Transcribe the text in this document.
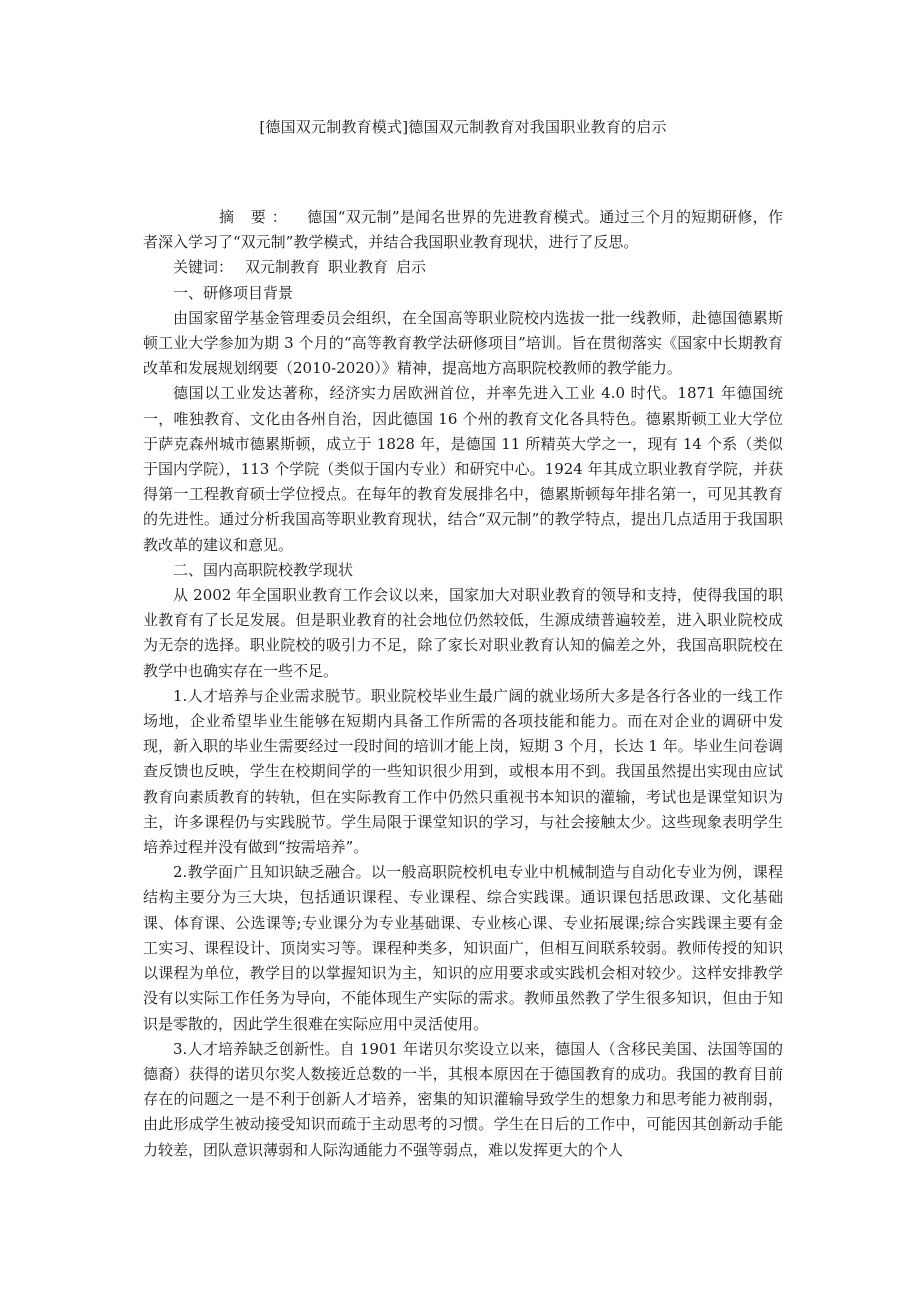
[德国双元制教育模式]德国双元制教育对我国职业教育的启示

摘 要： 德国“双元制”是闻名世界的先进教育模式。通过三个月的短期研修，作者深入学习了“双元制”教学模式，并结合我国职业教育现状，进行了反思。

关键词： 双元制教育 职业教育 启示

一、研修项目背景

由国家留学基金管理委员会组织，在全国高等职业院校内选拔一批一线教师，赴德国德累斯顿工业大学参加为期 3 个月的“高等教育教学法研修项目”培训。旨在贯彻落实《国家中长期教育改革和发展规划纲要（2010-2020）》精神，提高地方高职院校教师的教学能力。

德国以工业发达著称，经济实力居欧洲首位，并率先进入工业 4.0 时代。1871 年德国统一，唯独教育、文化由各州自治，因此德国 16 个州的教育文化各具特色。德累斯顿工业大学位于萨克森州城市德累斯顿，成立于 1828 年，是德国 11 所精英大学之一，现有 14 个系（类似于国内学院），113 个学院（类似于国内专业）和研究中心。1924 年其成立职业教育学院，并获得第一工程教育硕士学位授点。在每年的教育发展排名中，德累斯顿每年排名第一，可见其教育的先进性。通过分析我国高等职业教育现状，结合“双元制”的教学特点，提出几点适用于我国职教改革的建议和意见。

二、国内高职院校教学现状

从 2002 年全国职业教育工作会议以来，国家加大对职业教育的领导和支持，使得我国的职业教育有了长足发展。但是职业教育的社会地位仍然较低，生源成绩普遍较差，进入职业院校成为无奈的选择。职业院校的吸引力不足，除了家长对职业教育认知的偏差之外，我国高职院校在教学中也确实存在一些不足。

1.人才培养与企业需求脱节。职业院校毕业生最广阔的就业场所大多是各行各业的一线工作场地，企业希望毕业生能够在短期内具备工作所需的各项技能和能力。而在对企业的调研中发现，新入职的毕业生需要经过一段时间的培训才能上岗，短期 3 个月，长达 1 年。毕业生问卷调查反馈也反映，学生在校期间学的一些知识很少用到，或根本用不到。我国虽然提出实现由应试教育向素质教育的转轨，但在实际教育工作中仍然只重视书本知识的灌输，考试也是课堂知识为主，许多课程仍与实践脱节。学生局限于课堂知识的学习，与社会接触太少。这些现象表明学生培养过程并没有做到“按需培养”。

2.教学面广且知识缺乏融合。以一般高职院校机电专业中机械制造与自动化专业为例，课程结构主要分为三大块，包括通识课程、专业课程、综合实践课。通识课包括思政课、文化基础课、体育课、公选课等;专业课分为专业基础课、专业核心课、专业拓展课;综合实践课主要有金工实习、课程设计、顶岗实习等。课程种类多，知识面广，但相互间联系较弱。教师传授的知识以课程为单位，教学目的以掌握知识为主，知识的应用要求或实践机会相对较少。这样安排教学没有以实际工作任务为导向，不能体现生产实际的需求。教师虽然教了学生很多知识，但由于知识是零散的，因此学生很难在实际应用中灵活使用。

3.人才培养缺乏创新性。自 1901 年诺贝尔奖设立以来，德国人（含移民美国、法国等国的德裔）获得的诺贝尔奖人数接近总数的一半，其根本原因在于德国教育的成功。我国的教育目前存在的问题之一是不利于创新人才培养，密集的知识灌输导致学生的想象力和思考能力被削弱，由此形成学生被动接受知识而疏于主动思考的习惯。学生在日后的工作中，可能因其创新动手能力较差，团队意识薄弱和人际沟通能力不强等弱点，难以发挥更大的个人
